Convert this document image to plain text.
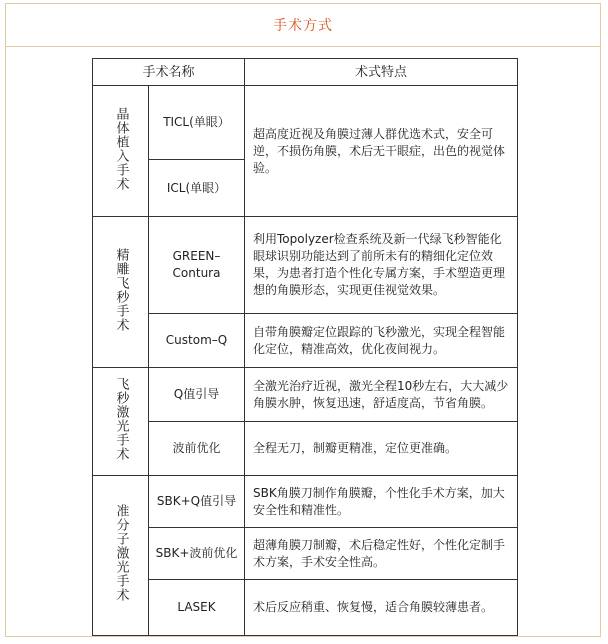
手术方式
手术名称		术式特点
晶体植入手术	TICL(单眼）	超高度近视及角膜过薄人群优选术式，安全可逆，不损伤角膜，术后无干眼症，出色的视觉体验。
	ICL(单眼）	
精雕飞秒手术	GREEN–Contura	利用Topolyzer检查系统及新一代绿飞秒智能化眼球识别功能达到了前所未有的精细化定位效果，为患者打造个性化专属方案，手术塑造更理想的角膜形态，实现更佳视觉效果。
	Custom–Q	自带角膜瓣定位跟踪的飞秒激光，实现全程智能化定位，精准高效，优化夜间视力。
飞秒激光手术	Q值引导	全激光治疗近视，激光全程10秒左右，大大减少角膜水肿，恢复迅速，舒适度高，节省角膜。
	波前优化	全程无刀，制瓣更精准，定位更准确。
准分子激光手术	SBK+Q值引导	SBK角膜刀制作角膜瓣，个性化手术方案，加大安全性和精准性。
	SBK+波前优化	超薄角膜刀制瓣，术后稳定性好，个性化定制手术方案，手术安全性高。
	LASEK	术后反应稍重、恢复慢，适合角膜较薄患者。
